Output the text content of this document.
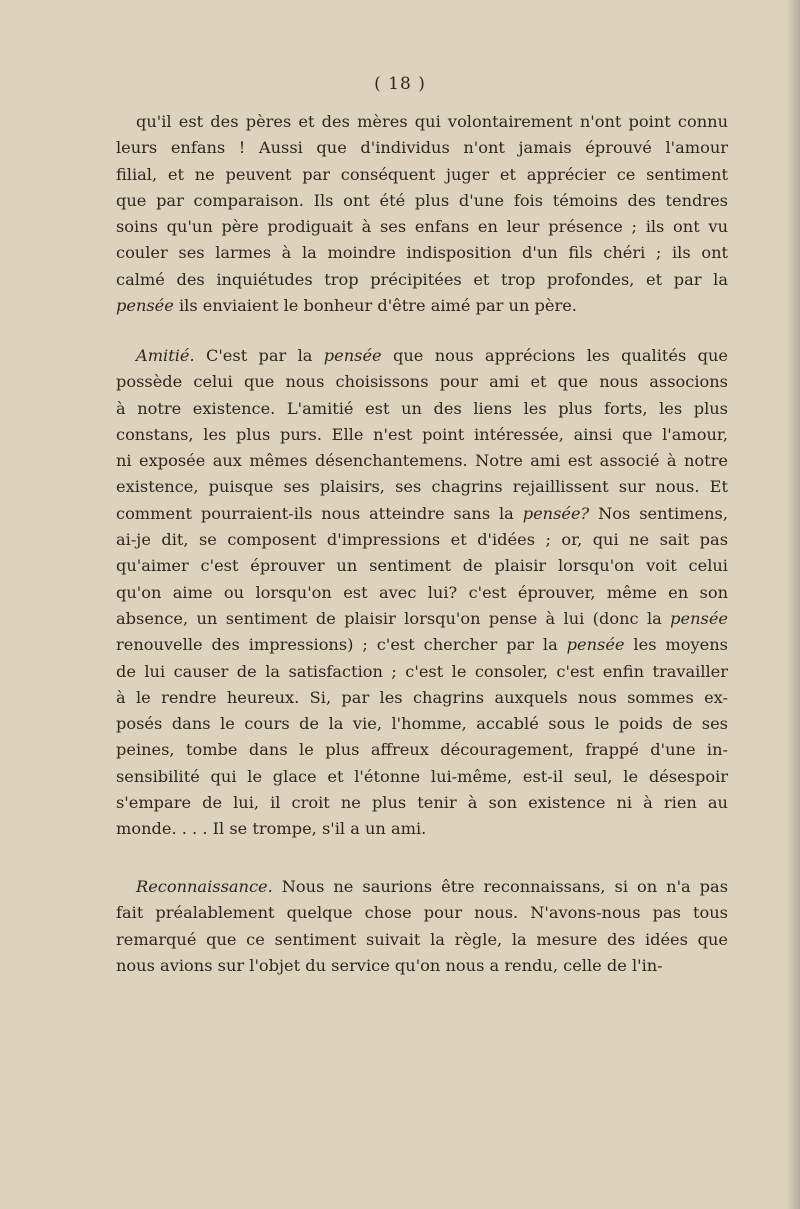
( 18 )
qu'il est des pères et des mères qui volontairement n'ont point connu
leurs enfans ! Aussi que d'individus n'ont jamais éprouvé l'amour
filial, et ne peuvent par conséquent juger et apprécier ce sentiment
que par comparaison. Ils ont été plus d'une fois témoins des tendres
soins qu'un père prodiguait à ses enfans en leur présence ; ils ont vu
couler ses larmes à la moindre indisposition d'un fils chéri ; ils ont
calmé des inquiétudes trop précipitées et trop profondes, et par la
pensée ils enviaient le bonheur d'être aimé par un père.
Amitié. C'est par la pensée que nous apprécions les qualités que
possède celui que nous choisissons pour ami et que nous associons
à notre existence. L'amitié est un des liens les plus forts, les plus
constans, les plus purs. Elle n'est point intéressée, ainsi que l'amour,
ni exposée aux mêmes désenchantemens. Notre ami est associé à notre
existence, puisque ses plaisirs, ses chagrins rejaillissent sur nous. Et
comment pourraient-ils nous atteindre sans la pensée? Nos sentimens,
ai-je dit, se composent d'impressions et d'idées ; or, qui ne sait pas
qu'aimer c'est éprouver un sentiment de plaisir lorsqu'on voit celui
qu'on aime ou lorsqu'on est avec lui? c'est éprouver, même en son
absence, un sentiment de plaisir lorsqu'on pense à lui (donc la pensée
renouvelle des impressions) ; c'est chercher par la pensée les moyens
de lui causer de la satisfaction ; c'est le consoler, c'est enfin travailler
à le rendre heureux. Si, par les chagrins auxquels nous sommes ex-
posés dans le cours de la vie, l'homme, accablé sous le poids de ses
peines, tombe dans le plus affreux découragement, frappé d'une in-
sensibilité qui le glace et l'étonne lui-même, est-il seul, le désespoir
s'empare de lui, il croit ne plus tenir à son existence ni à rien au
monde. . . . Il se trompe, s'il a un ami.
Reconnaissance. Nous ne saurions être reconnaissans, si on n'a pas
fait préalablement quelque chose pour nous. N'avons-nous pas tous
remarqué que ce sentiment suivait la règle, la mesure des idées que
nous avions sur l'objet du service qu'on nous a rendu, celle de l'in-
